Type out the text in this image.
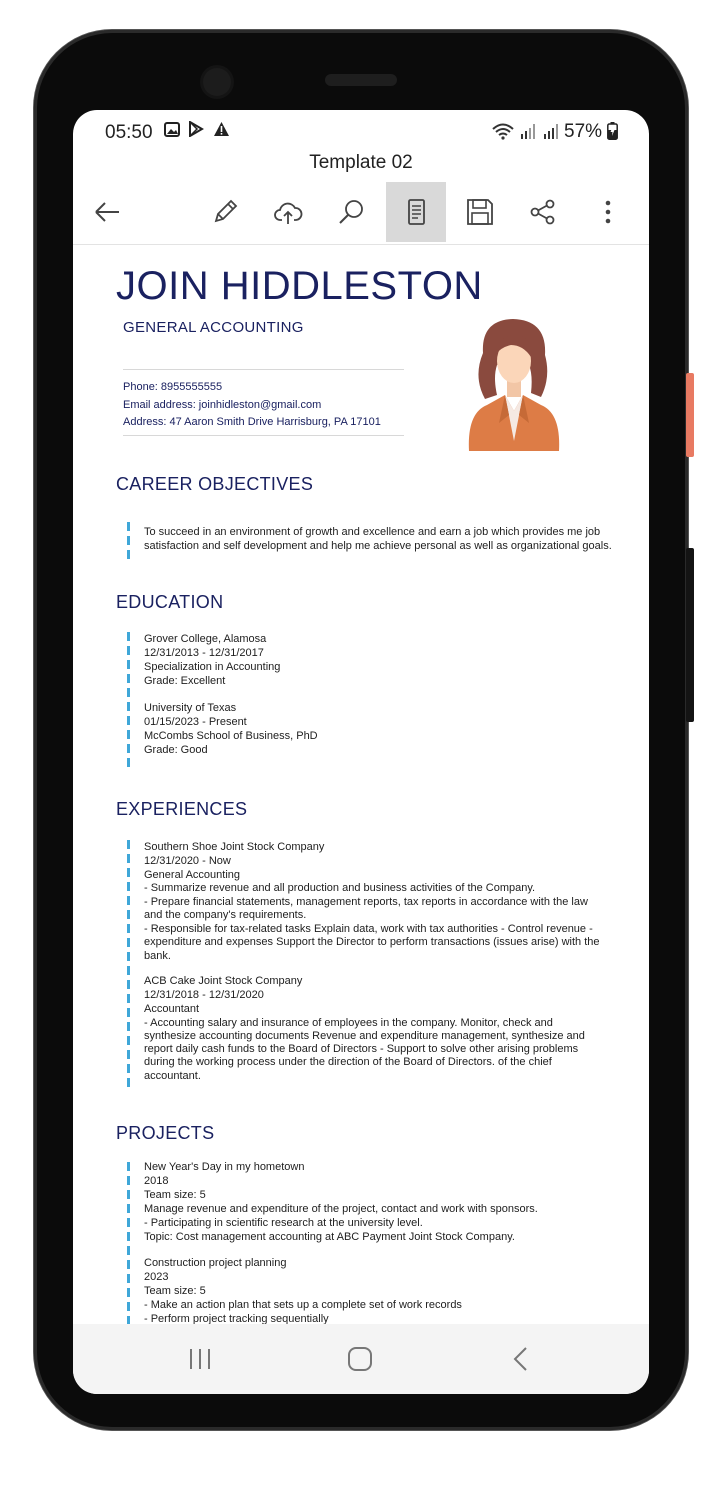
05:50

	57%
Template 02
JOIN HIDDLESTON
GENERAL ACCOUNTING
Phone: 8955555555
Email address: joinhidleston@gmail.com
Address: 47 Aaron Smith Drive Harrisburg, PA 17101
CAREER OBJECTIVES
To succeed in an environment of growth and excellence and earn a job which provides me job satisfaction and self development and help me achieve personal as well as organizational goals.
EDUCATION
Grover College, Alamosa
12/31/2013 - 12/31/2017
Specialization in Accounting
Grade: Excellent
University of Texas
01/15/2023 - Present
McCombs School of Business, PhD
Grade: Good
EXPERIENCES
Southern Shoe Joint Stock Company
12/31/2020 - Now
General Accounting
- Summarize revenue and all production and business activities of the Company.
- Prepare financial statements, management reports, tax reports in accordance with the law
and the company's requirements.
- Responsible for tax-related tasks Explain data, work with tax authorities - Control revenue -
expenditure and expenses Support the Director to perform transactions (issues arise) with the
bank.
ACB Cake Joint Stock Company
12/31/2018 - 12/31/2020
Accountant
- Accounting salary and insurance of employees in the company. Monitor, check and
synthesize accounting documents Revenue and expenditure management, synthesize and
report daily cash funds to the Board of Directors - Support to solve other arising problems
during the working process under the direction of the Board of Directors. of the chief
accountant.
PROJECTS
New Year's Day in my hometown
2018
Team size: 5
Manage revenue and expenditure of the project, contact and work with sponsors.
- Participating in scientific research at the university level.
Topic: Cost management accounting at ABC Payment Joint Stock Company.
Construction project planning
2023
Team size: 5
- Make an action plan that sets up a complete set of work records
- Perform project tracking sequentially
